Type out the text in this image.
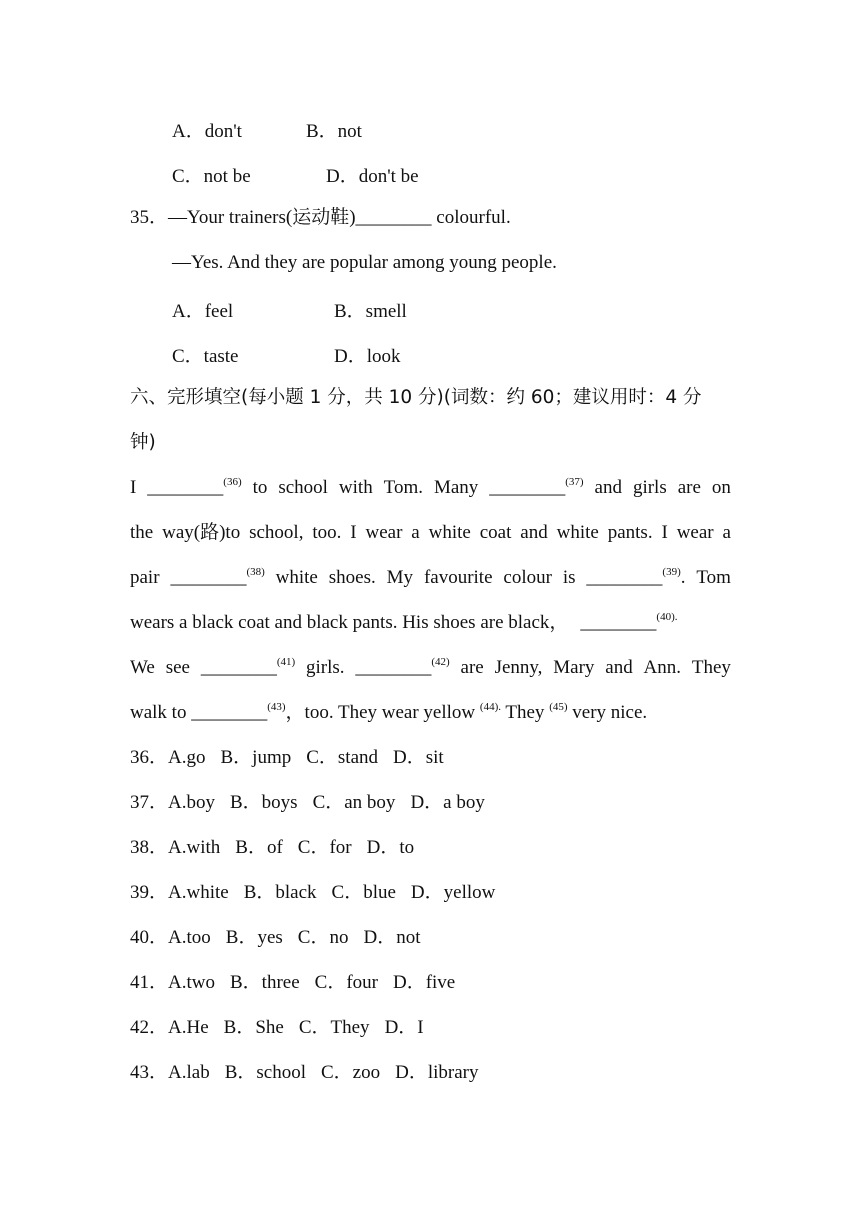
A．don't	B．not
C．not be	D．don't be
35．—Your trainers(运动鞋)________ colourful.
—Yes. And they are popular among young people.
A．feel	B．smell
C．taste	D．look
六、完形填空(每小题 1 分，共 10 分)(词数：约 60；建议用时：4 分
钟)
I ________$^{(36)}$ to school with Tom. Many ________$^{(37)}$ and girls are on
the way(路)to school, too. I wear a white coat and white pants. I wear a
pair ________$^{(38)}$ white shoes. My favourite colour is ________$^{(39)}$. Tom
wears a black coat and black pants. His shoes are black， ________$^{(40).}$
We see ________$^{(41)}$ girls. ________$^{(42)}$ are Jenny, Mary and Ann. They
walk to ________$^{(43)}$，too. They wear yellow $^{(44).}$ They $^{(45)}$ very nice.
36．A.go B．jump C．stand D．sit
37．A.boy B．boys C．an boy D．a boy
38．A.with B．of C．for D．to
39．A.white B．black C．blue D．yellow
40．A.too B．yes C．no D．not
41．A.two B．three C．four D．five
42．A.He B．She C．They D．I
43．A.lab B．school C．zoo D．library
